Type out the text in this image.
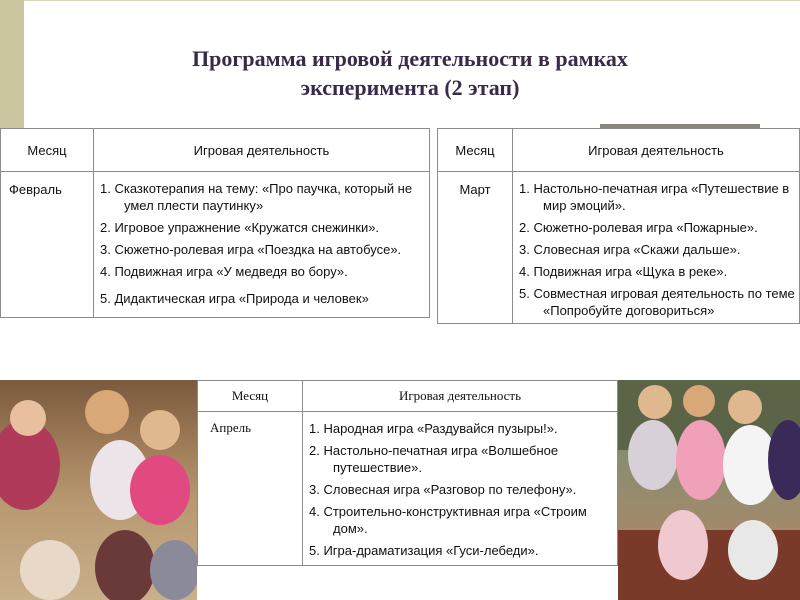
Программа игровой деятельности в рамках
эксперимента (2 этап)
Месяц	Игровая деятельность
Февраль	1. Сказкотерапия на тему: «Про паучка, который не умел плести паутинку»
2. Игровое упражнение «Кружатся снежинки».
3. Сюжетно-ролевая игра «Поездка на автобусе».
4. Подвижная игра «У медведя во бору».
5. Дидактическая игра «Природа и человек»
Месяц	Игровая деятельность
Март	1. Настольно-печатная игра «Путешествие в мир эмоций».
2. Сюжетно-ролевая игра «Пожарные».
3. Словесная игра «Скажи дальше».
4. Подвижная игра «Щука в реке».
5. Совместная игровая деятельность по теме «Попробуйте договориться»
Месяц	Игровая деятельность
Апрель	1. Народная игра «Раздувайся пузыры!».
2. Настольно-печатная игра «Волшебное путешествие».
3. Словесная игра «Разговор по телефону».
4. Строительно-конструктивная игра «Строим дом».
5. Игра-драматизация «Гуси-лебеди».
